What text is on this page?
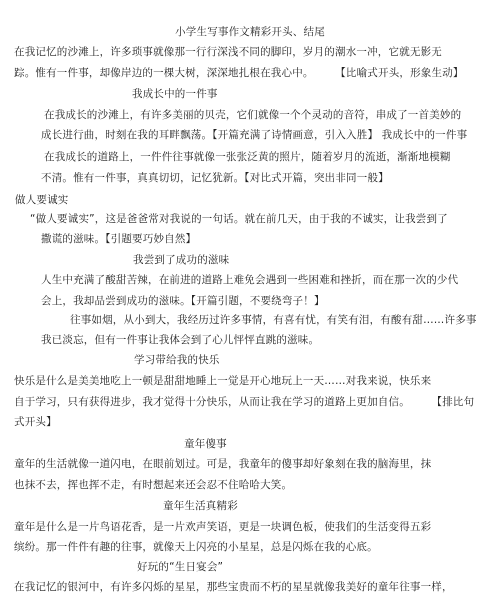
小学生写事作文精彩开头、结尾
在我记忆的沙滩上，许多琐事就像那一行行深浅不同的脚印，岁月的潮水一冲，它就无影无
踪。惟有一件事，却像岸边的一棵大树，深深地扎根在我心中。　　　【比喻式开头，形象生动】
我成长中的一件事
在我成长的沙滩上，有许多美丽的贝壳，它们就像一个个灵动的音符，串成了一首美妙的
成长进行曲，时刻在我的耳畔飘荡。【开篇充满了诗情画意，引入入胜】 我成长中的一件事
在我成长的道路上，一件件往事就像一张张泛黄的照片，随着岁月的流逝，渐渐地模糊
不清。惟有一件事，真真切切，记忆犹新。【对比式开篇，突出非同一般】
做人要诚实
“做人要诚实”，这是爸爸常对我说的一句话。就在前几天，由于我的不诚实，让我尝到了
撒谎的滋味。【引题要巧妙自然】
我尝到了成功的滋味
人生中充满了酸甜苦辣，在前进的道路上难免会遇到一些困难和挫折，而在那一次的少代
会上，我却品尝到成功的滋味。【开篇引题，不要绕弯子！】
往事如烟，从小到大，我经历过许多事情，有喜有忧，有笑有泪，有酸有甜……许多事
我已淡忘，但有一件事让我体会到了心儿怦怦直跳的滋味。
学习带给我的快乐
快乐是什么是美美地吃上一顿是甜甜地睡上一觉是开心地玩上一天……对我来说，快乐来
自于学习，只有获得进步，我才觉得十分快乐，从而让我在学习的道路上更加自信。　　　【排比句
式开头】
童年傻事
童年的生活就像一道闪电，在眼前划过。可是，我童年的傻事却好象刻在我的脑海里，抹
也抹不去，挥也挥不走，有时想起来还会忍不住哈哈大笑。
童年生活真精彩
童年是什么是一片鸟语花香，是一片欢声笑语，更是一块调色板，使我们的生活变得五彩
缤纷。那一件件有趣的往事，就像天上闪亮的小星星，总是闪烁在我的心底。
好玩的“生日宴会”
在我记忆的银河中，有许多闪烁的星星，那些宝贵而不朽的星星就像我美好的童年往事一样，
